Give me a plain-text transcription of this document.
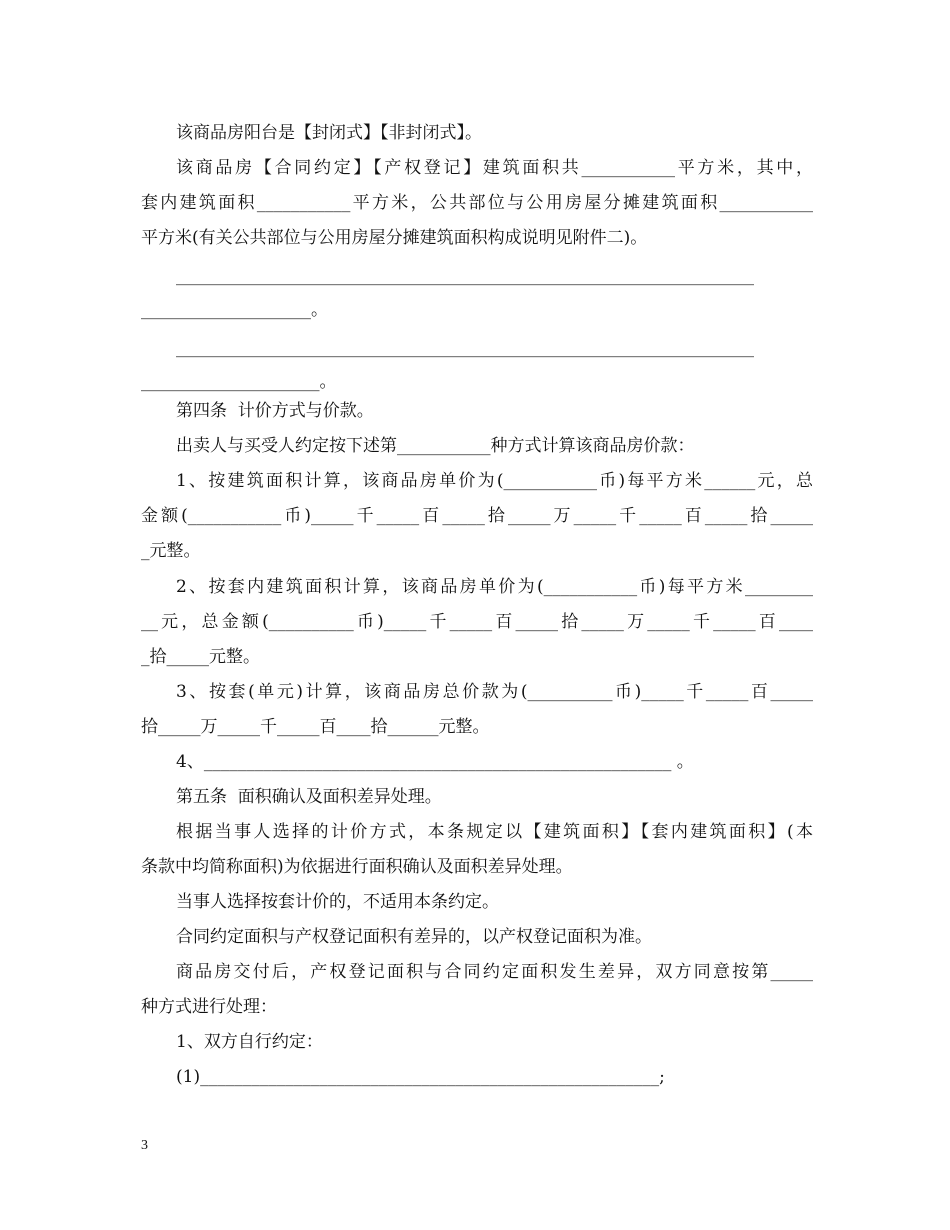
该商品房阳台是【封闭式】【非封闭式】。
该商品房【合同约定】【产权登记】建筑面积共___________平方米，其中，
套内建筑面积___________平方米，公共部位与公用房屋分摊建筑面积___________
平方米(有关公共部位与公用房屋分摊建筑面积构成说明见附件二)。
____________________________________________________________________
____________________。
____________________________________________________________________
_____________________。
第四条  计价方式与价款。
出卖人与买受人约定按下述第___________种方式计算该商品房价款：
1、按建筑面积计算，该商品房单价为(___________币)每平方米______元，总
金额(___________币)_____千_____百_____拾_____万_____千_____百_____拾_____
_元整。
2、按套内建筑面积计算，该商品房单价为(___________币)每平方米________
__元，总金额(__________币)_____千_____百_____拾_____万_____千_____百____
_拾_____元整。
3、按套(单元)计算，该商品房总价款为(__________币)_____千_____百_____
拾_____万_____千_____百____拾______元整。
4、_______________________________________________________ 。
第五条  面积确认及面积差异处理。
根据当事人选择的计价方式，本条规定以【建筑面积】【套内建筑面积】(本
条款中均简称面积)为依据进行面积确认及面积差异处理。
当事人选择按套计价的，不适用本条约定。
合同约定面积与产权登记面积有差异的，以产权登记面积为准。
商品房交付后，产权登记面积与合同约定面积发生差异，双方同意按第_____
种方式进行处理：
1、双方自行约定：
(1)______________________________________________________;
3
